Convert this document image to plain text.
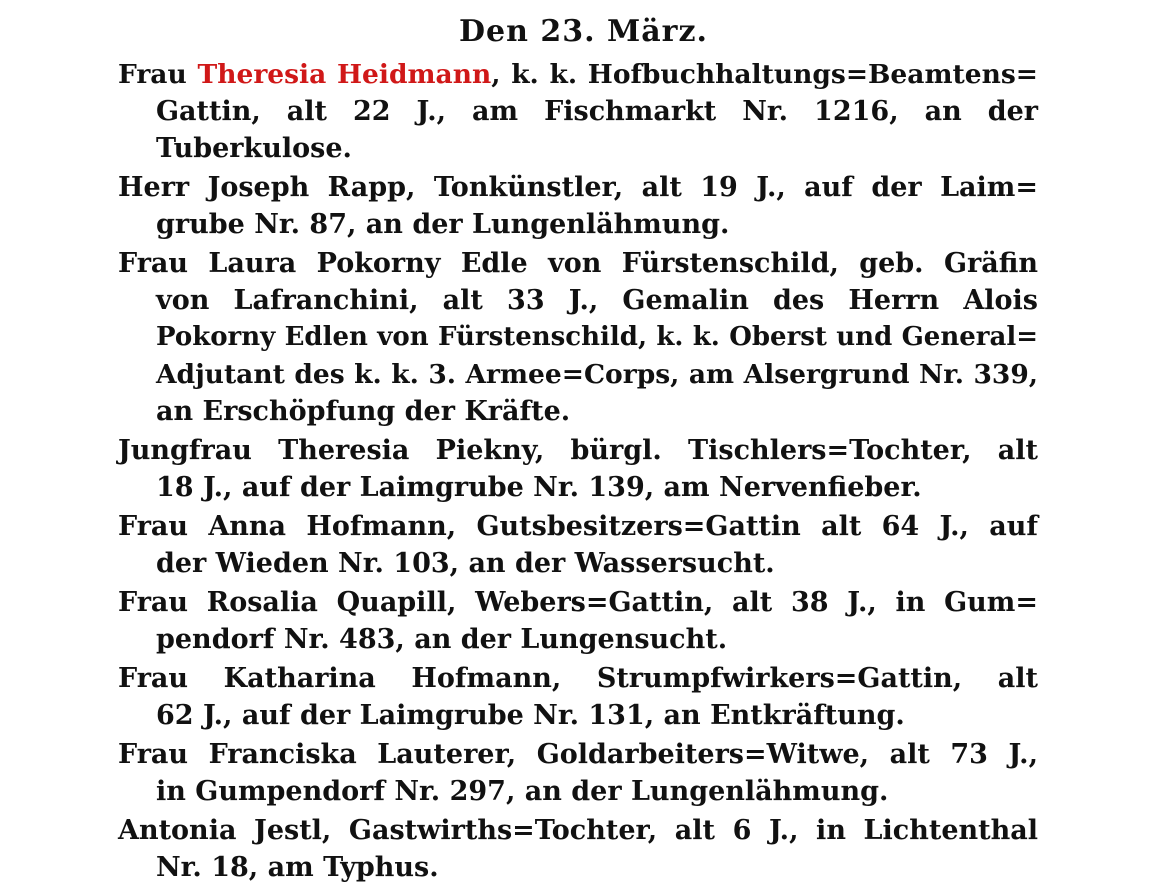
Den 23. März.
Frau Theresia Heidmann, k. k. Hofbuchhaltungs=Beamtens=
Gattin, alt 22 J., am Fischmarkt Nr. 1216, an der
Tuberkulose.
Herr Joseph Rapp, Tonkünstler, alt 19 J., auf der Laim=
grube Nr. 87, an der Lungenlähmung.
Frau Laura Pokorny Edle von Fürstenschild, geb. Gräfin
von Lafranchini, alt 33 J., Gemalin des Herrn Alois
Pokorny Edlen von Fürstenschild, k. k. Oberst und General=
Adjutant des k. k. 3. Armee=Corps, am Alsergrund Nr. 339,
an Erschöpfung der Kräfte.
Jungfrau Theresia Piekny, bürgl. Tischlers=Tochter, alt
18 J., auf der Laimgrube Nr. 139, am Nervenfieber.
Frau Anna Hofmann, Gutsbesitzers=Gattin alt 64 J., auf
der Wieden Nr. 103, an der Wassersucht.
Frau Rosalia Quapill, Webers=Gattin, alt 38 J., in Gum=
pendorf Nr. 483, an der Lungensucht.
Frau Katharina Hofmann, Strumpfwirkers=Gattin, alt
62 J., auf der Laimgrube Nr. 131, an Entkräftung.
Frau Franciska Lauterer, Goldarbeiters=Witwe, alt 73 J.,
in Gumpendorf Nr. 297, an der Lungenlähmung.
Antonia Jestl, Gastwirths=Tochter, alt 6 J., in Lichtenthal
Nr. 18, am Typhus.
